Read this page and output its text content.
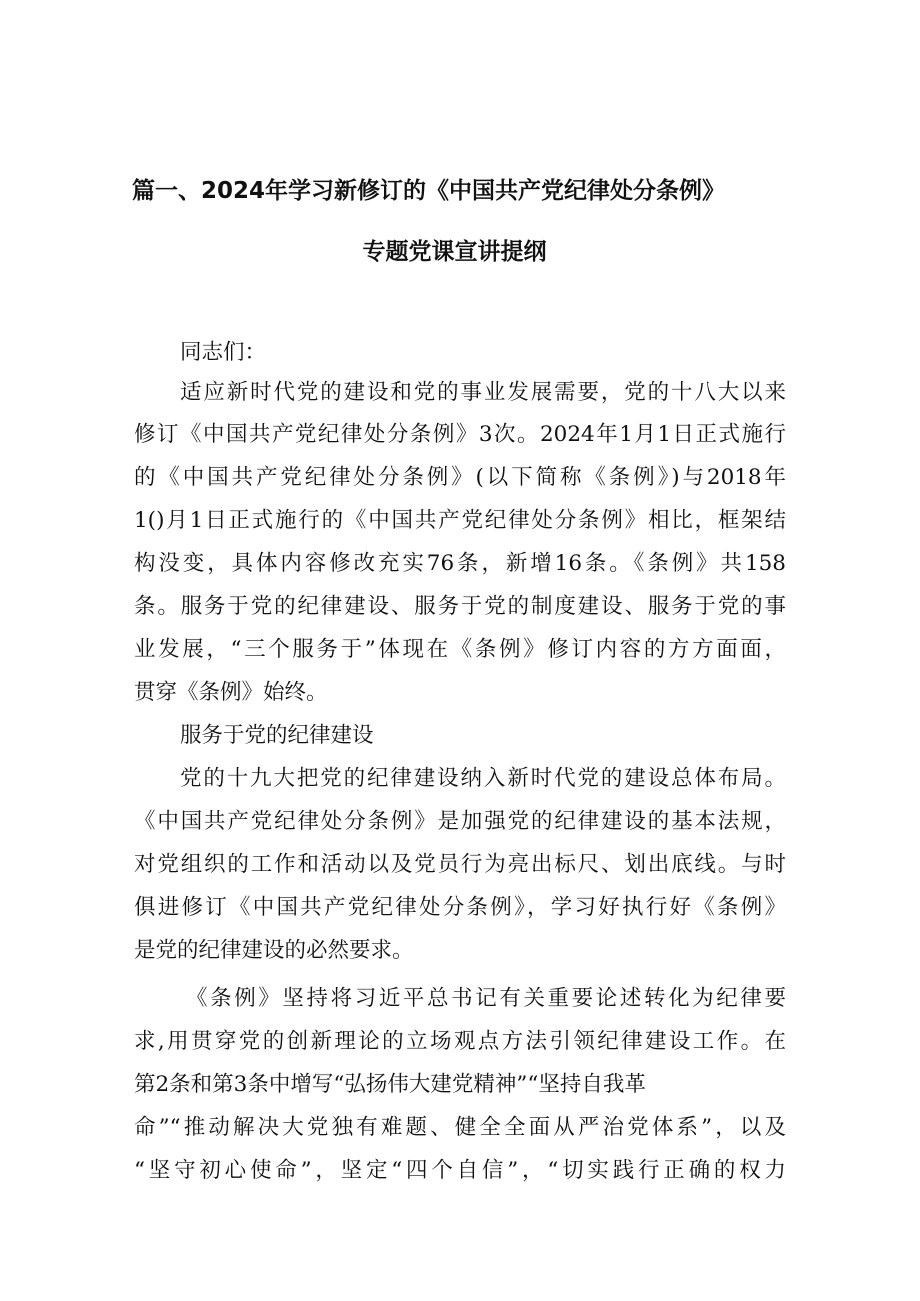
篇一、2024年学习新修订的《中国共产党纪律处分条例》
专题党课宣讲提纲
同志们：
适应新时代党的建设和党的事业发展需要，党的十八大以来
修订《中国共产党纪律处分条例》3次。2024年1月1日正式施行
的《中国共产党纪律处分条例》(以下简称《条例》)与2018年
1()月1日正式施行的《中国共产党纪律处分条例》相比，框架结
构没变，具体内容修改充实76条，新增16条。《条例》共158
条。服务于党的纪律建设、服务于党的制度建设、服务于党的事
业发展，“三个服务于”体现在《条例》修订内容的方方面面，
贯穿《条例》始终。
服务于党的纪律建设
党的十九大把党的纪律建设纳入新时代党的建设总体布局。
《中国共产党纪律处分条例》是加强党的纪律建设的基本法规，
对党组织的工作和活动以及党员行为亮出标尺、划出底线。与时
俱进修订《中国共产党纪律处分条例》，学习好执行好《条例》
是党的纪律建设的必然要求。
《条例》坚持将习近平总书记有关重要论述转化为纪律要
求,用贯穿党的创新理论的立场观点方法引领纪律建设工作。在
第2条和第3条中增写“弘扬伟大建党精神”“坚持自我革
命”“推动解决大党独有难题、健全全面从严治党体系”，以及
“坚守初心使命”，坚定“四个自信”，“切实践行正确的权力
